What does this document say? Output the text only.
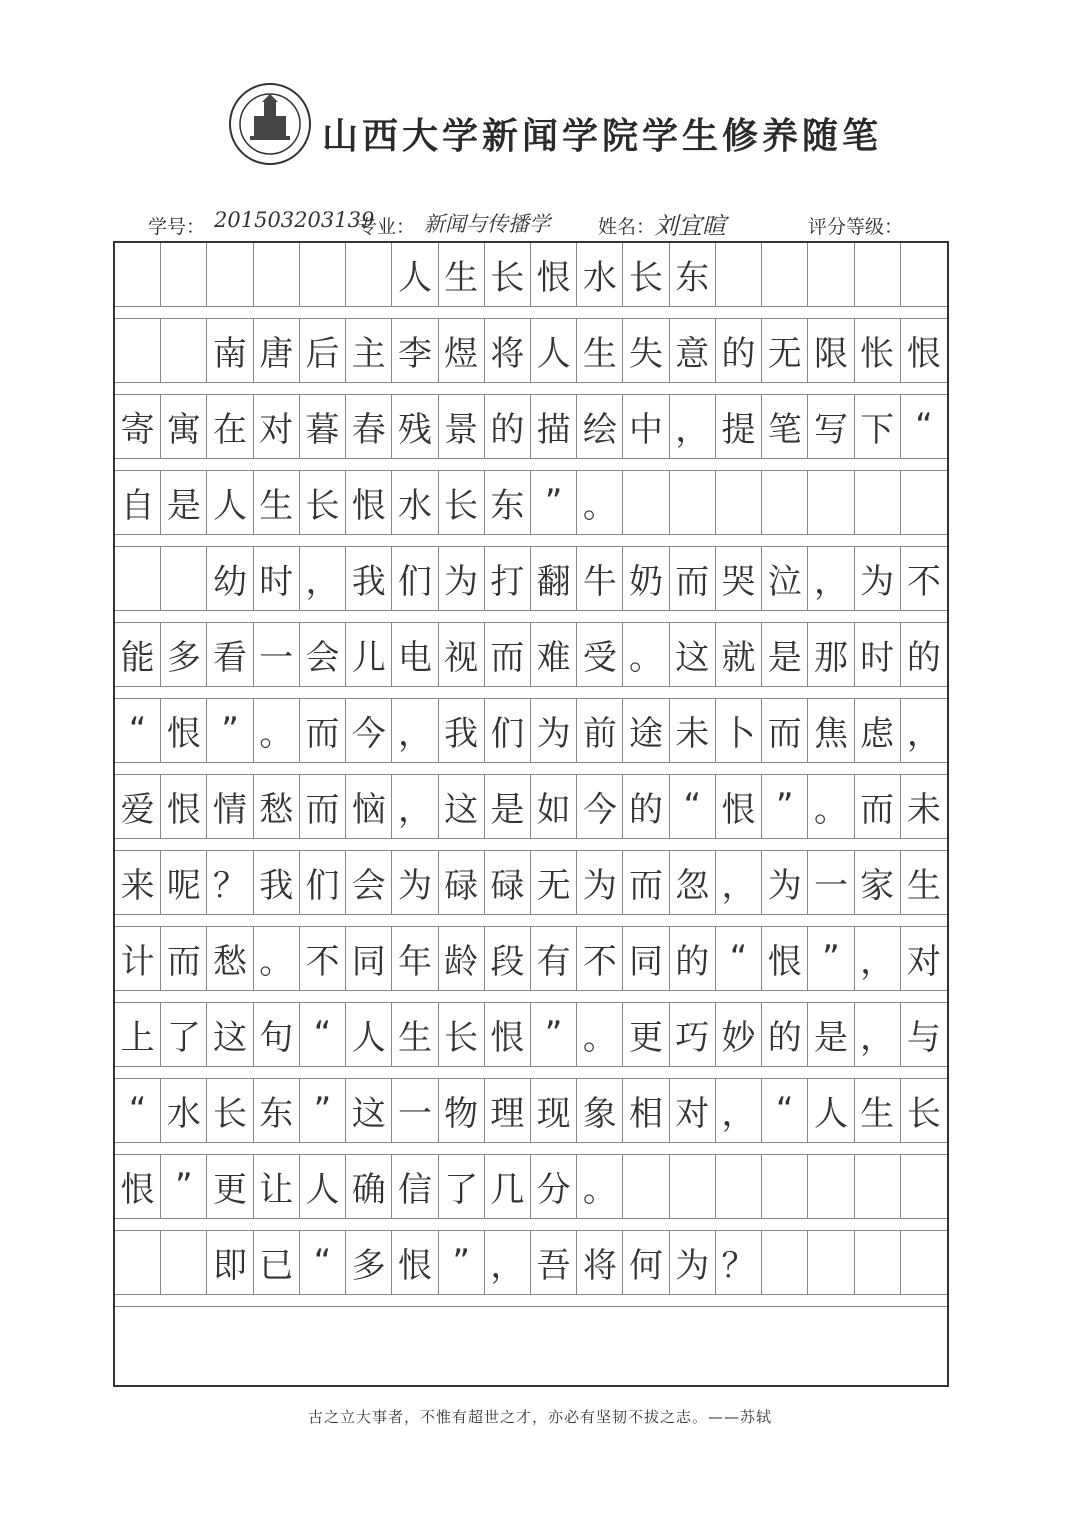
山西大学新闻学院学生修养随笔
学号： 201503203139
专业： 新闻与传播学	姓名：
刘宜暄	评分等级：
人 生 长 恨 水 长 东
南 唐 后 主 李 煜 将 人 生 失 意 的 无 限 怅 恨
寄 寓 在 对 暮 春 残 景 的 描 绘 中 ， 提 笔 写 下 “
自 是 人 生 长 恨 水 长 东 ” 。
幼 时 ， 我 们 为 打 翻 牛 奶 而 哭 泣 ， 为 不
能 多 看 一 会 儿 电 视 而 难 受 。 这 就 是 那 时 的
“ 恨 ” 。 而 今 ， 我 们 为 前 途 未 卜 而 焦 虑 ，
爱 恨 情 愁 而 恼 ， 这 是 如 今 的 “ 恨 ” 。 而 未
来 呢 ？ 我 们 会 为 碌 碌 无 为 而 忽 ， 为 一 家 生
计 而 愁 。 不 同 年 龄 段 有 不 同 的 “ 恨 ” ， 对
上 了 这 句 “ 人 生 长 恨 ” 。 更 巧 妙 的 是 ， 与
“ 水 长 东 ” 这 一 物 理 现 象 相 对 ， “ 人 生 长
恨 ” 更 让 人 确 信 了 几 分 。
即 已 “ 多 恨 ” ， 吾 将 何 为 ？
古之立大事者，不惟有超世之才，亦必有坚韧不拔之志。——苏轼
